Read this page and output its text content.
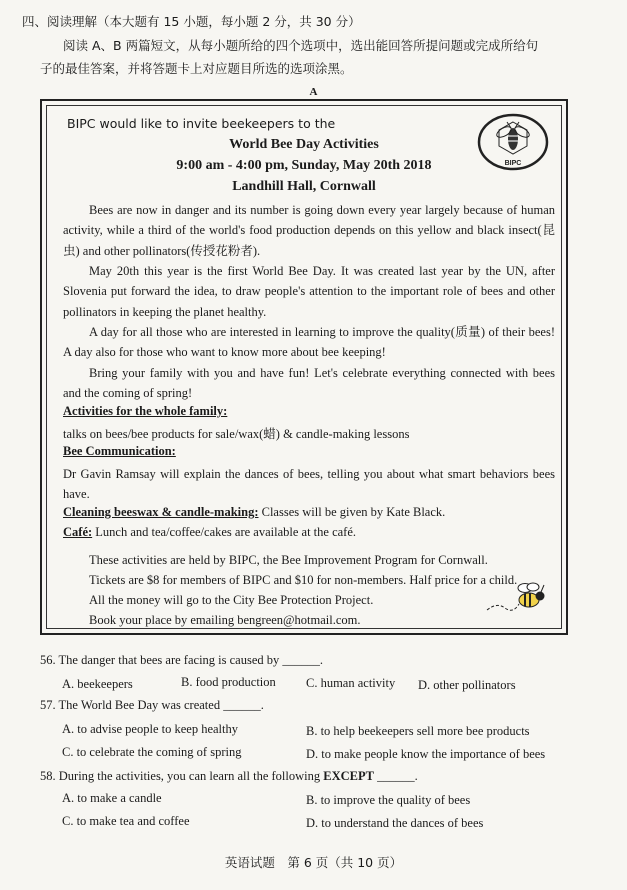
四、阅读理解（本大题有 15 小题，每小题 2 分，共 30 分）
阅读 A、B 两篇短文，从每小题所给的四个选项中，选出能回答所提问题或完成所给句
子的最佳答案，并将答题卡上对应题目所选的选项涂黑。
A
BIPC would like to invite beekeepers to the
BIPC
World Bee Day Activities
9:00 am - 4:00 pm, Sunday, May 20th 2018
Landhill Hall, Cornwall
Bees are now in danger and its number is going down every year largely because of human activity, while a third of the world's food production depends on this yellow and black insect(昆虫) and other pollinators(传授花粉者).
May 20th this year is the first World Bee Day. It was created last year by the UN, after Slovenia put forward the idea, to draw people's attention to the important role of bees and other pollinators in keeping the planet healthy.
A day for all those who are interested in learning to improve the quality(质量) of their bees! A day also for those who want to know more about bee keeping!
Bring your family with you and have fun! Let's celebrate everything connected with bees and the coming of spring!
Activities for the whole family:
talks on bees/bee products for sale/wax(蜡) & candle-making lessons
Bee Communication:
Dr Gavin Ramsay will explain the dances of bees, telling you about what smart behaviors bees have.
Cleaning beeswax & candle-making: Classes will be given by Kate Black.
Café: Lunch and tea/coffee/cakes are available at the café.
These activities are held by BIPC, the Bee Improvement Program for Cornwall.
Tickets are $8 for members of BIPC and $10 for non-members. Half price for a child.
All the money will go to the City Bee Protection Project.
Book your place by emailing bengreen@hotmail.com.
56. The danger that bees are facing is caused by ______.
A. beekeepers	B. food production C. human activity D. other pollinators
57. The World Bee Day was created ______.
A. to advise people to keep healthy	B. to help beekeepers sell more bee products
C. to celebrate the coming of spring	D. to make people know the importance of bees
58. During the activities, you can learn all the following EXCEPT ______.
A. to make a candle	B. to improve the quality of bees
C. to make tea and coffee	D. to understand the dances of bees
英语试题　第 6 页（共 10 页）
